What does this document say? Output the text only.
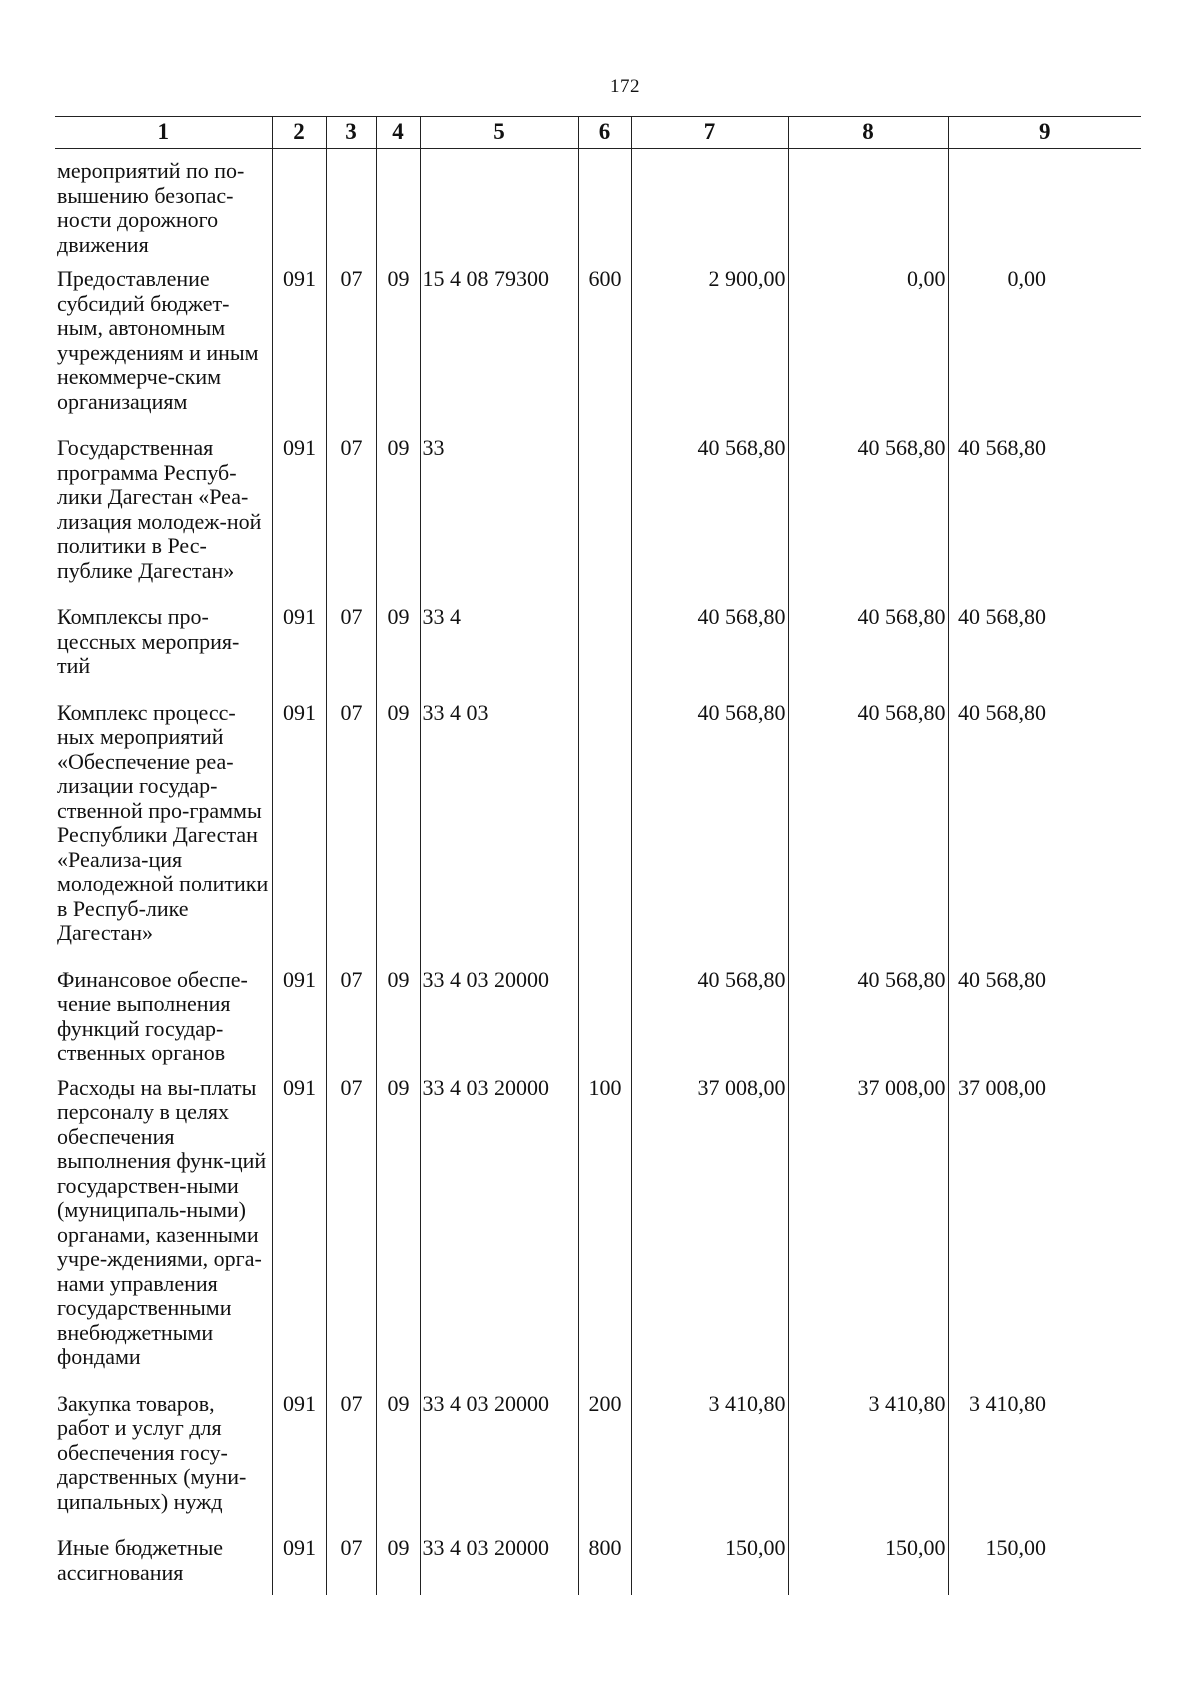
172
1	2	3	4	5	6	7	8	9
мероприятий по по-вышению безопас-ности дорожного движения								
Предоставление субсидий бюджет-ным, автономным учреждениям и иным некоммерче-ским организациям	091	07	09	15 4 08 79300	600	2 900,00	0,00	0,00
Государственная программа Респуб-лики Дагестан «Реа-лизация молодеж-ной политики в Рес-публике Дагестан»	091	07	09	33		40 568,80	40 568,80	40 568,80
Комплексы про-цессных мероприя-тий	091	07	09	33 4		40 568,80	40 568,80	40 568,80
Комплекс процесс-ных мероприятий «Обеспечение реа-лизации государ-ственной про-граммы Республики Дагестан «Реализа-ция молодежной политики в Респуб-лике Дагестан»	091	07	09	33 4 03		40 568,80	40 568,80	40 568,80
Финансовое обеспе-чение выполнения функций государ-ственных органов	091	07	09	33 4 03 20000		40 568,80	40 568,80	40 568,80
Расходы на вы-платы персоналу в целях обеспечения выполнения функ-ций государствен-ными (муниципаль-ными) органами, казенными учре-ждениями, орга-нами управления государственными внебюджетными фондами	091	07	09	33 4 03 20000	100	37 008,00	37 008,00	37 008,00
Закупка товаров, работ и услуг для обеспечения госу-дарственных (муни-ципальных) нужд	091	07	09	33 4 03 20000	200	3 410,80	3 410,80	3 410,80
Иные бюджетные ассигнования	091	07	09	33 4 03 20000	800	150,00	150,00	150,00
